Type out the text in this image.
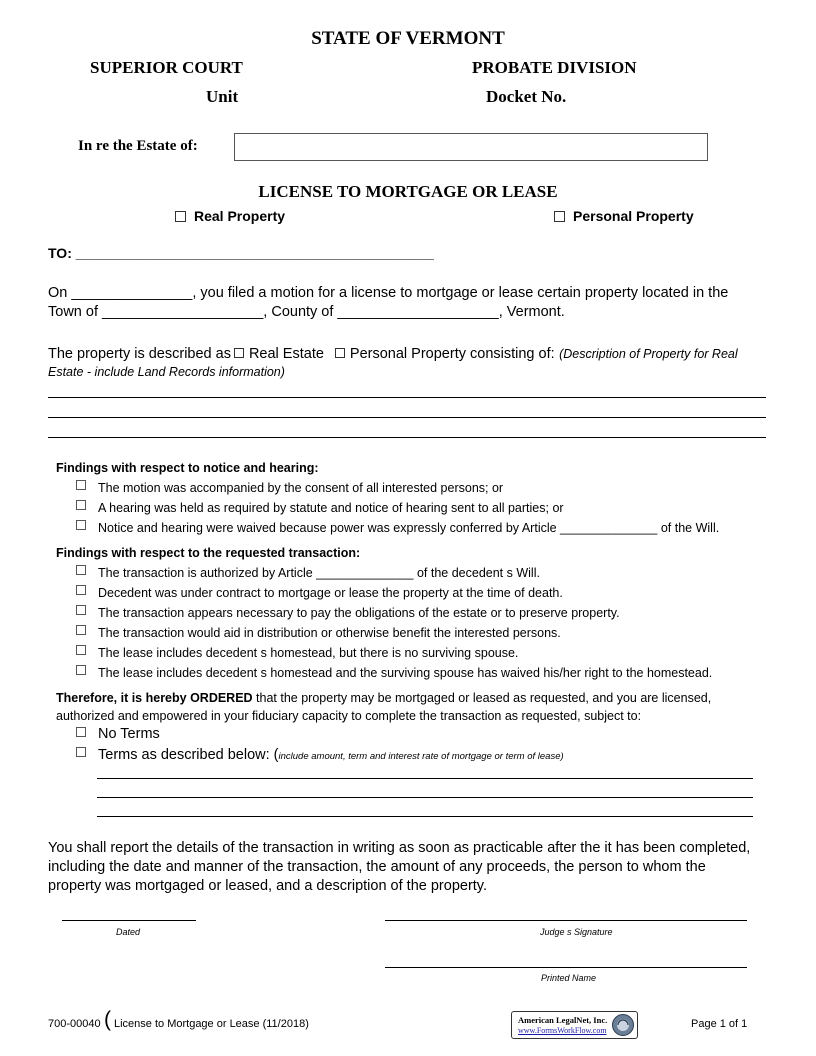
STATE OF VERMONT
SUPERIOR COURT	PROBATE DIVISION
Unit	Docket No.
In re the Estate of:
LICENSE TO MORTGAGE OR LEASE
Real Property	Personal Property
TO: ______________________________________________
On _______________, you filed a motion for a license to mortgage or lease certain property located in the
Town of ____________________, County of ____________________, Vermont.
The property is described as Real Estate Personal Property consisting of: (Description of Property for Real
Estate - include Land Records information)
Findings with respect to notice and hearing:
The motion was accompanied by the consent of all interested persons; or
A hearing was held as required by statute and notice of hearing sent to all parties; or
Notice and hearing were waived because power was expressly conferred by Article ______________ of the Will.
Findings with respect to the requested transaction:
The transaction is authorized by Article ______________ of the decedent s Will.
Decedent was under contract to mortgage or lease the property at the time of death.
The transaction appears necessary to pay the obligations of the estate or to preserve property.
The transaction would aid in distribution or otherwise benefit the interested persons.
The lease includes decedent s homestead, but there is no surviving spouse.
The lease includes decedent s homestead and the surviving spouse has waived his/her right to the homestead.
Therefore, it is hereby ORDERED that the property may be mortgaged or leased as requested, and you are licensed,
authorized and empowered in your fiduciary capacity to complete the transaction as requested, subject to:
No Terms
Terms as described below: (include amount, term and interest rate of mortgage or term of lease)
You shall report the details of the transaction in writing as soon as practicable after the it has been completed,
including the date and manner of the transaction, the amount of any proceeds, the person to whom the
property was mortgaged or leased, and a description of the property.
Dated	Judge s Signature
Printed Name
700-00040 ( License to Mortgage or Lease (11/2018)	American LegalNet, Inc.
www.FormsWorkFlow.com
Page 1 of 1
